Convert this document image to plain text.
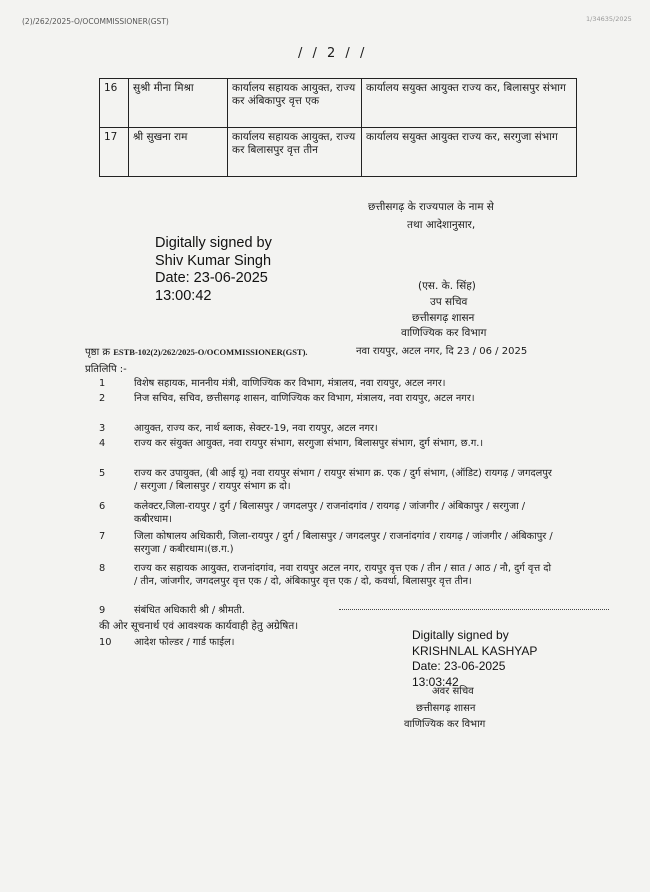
(2)/262/2025-O/OCOMMISSIONER(GST)	1/34635/2025
/ / 2 / /
16	सुश्री मीना मिश्रा	कार्यालय सहायक आयुक्त, राज्य कर अंबिकापुर वृत्त एक	कार्यालय सयुक्त आयुक्त राज्य कर, बिलासपुर संभाग
17	श्री सुखना राम	कार्यालय सहायक आयुक्त, राज्य कर बिलासपुर वृत्त तीन	कार्यालय सयुक्त आयुक्त राज्य कर, सरगुजा संभाग
छत्तीसगढ़ के राज्यपाल के नाम से
तथा आदेशानुसार,
Digitally signed by
Shiv Kumar Singh
Date: 23-06-2025
13:00:42
(एस. के. सिंह)
उप सचिव
छत्तीसगढ़ शासन
वाणिज्यिक कर विभाग
पृष्ठा क्र ESTB-102(2)/262/2025-O/OCOMMISSIONER(GST).	नवा रायपुर, अटल नगर, दि 23 / 06 / 2025
प्रतिलिपि :-
1	विशेष सहायक, माननीय मंत्री, वाणिज्यिक कर विभाग, मंत्रालय, नवा रायपुर, अटल नगर।
2	निज सचिव, सचिव, छत्तीसगढ़ शासन, वाणिज्यिक कर विभाग, मंत्रालय, नवा रायपुर, अटल नगर।
3	आयुक्त, राज्य कर, नार्थ ब्लाक, सेक्टर-19, नवा रायपुर, अटल नगर।
4	राज्य कर संयुक्त आयुक्त, नवा रायपुर संभाग, सरगुजा संभाग, बिलासपुर संभाग, दुर्ग संभाग, छ.ग.।
5	राज्य कर उपायुक्त, (बी आई यू) नवा रायपुर संभाग / रायपुर संभाग क्र. एक / दुर्ग संभाग, (ऑडिट) रायगढ़ / जगदलपुर / सरगुजा / बिलासपुर / रायपुर संभाग क्र दो।
6	कलेक्टर,जिला-रायपुर / दुर्ग / बिलासपुर / जगदलपुर / राजनांदगांव / रायगढ़ / जांजगीर / अंबिकापुर / सरगुजा / कबीरधाम।
7	जिला कोषालय अधिकारी, जिला-रायपुर / दुर्ग / बिलासपुर / जगदलपुर / राजनांदगांव / रायगढ़ / जांजगीर / अंबिकापुर / सरगुजा / कबीरधाम।(छ.ग.)
8	राज्य कर सहायक आयुक्त, राजनांदगांव, नवा रायपुर अटल नगर, रायपुर वृत्त एक / तीन / सात / आठ / नौ, दुर्ग वृत्त दो / तीन, जांजगीर, जगदलपुर वृत्त एक / दो, अंबिकापुर वृत्त एक / दो, कवर्धा, बिलासपुर वृत्त तीन।
9	संबंधित अधिकारी श्री / श्रीमती.
की ओर सूचनार्थ एवं आवश्यक कार्यवाही हेतु अग्रेषित।
10 आदेश फोल्डर / गार्ड फाईल।
Digitally signed by
KRISHNLAL KASHYAP
Date: 23-06-2025
13:03:42
अवर सचिव
छत्तीसगढ़ शासन
वाणिज्यिक कर विभाग
